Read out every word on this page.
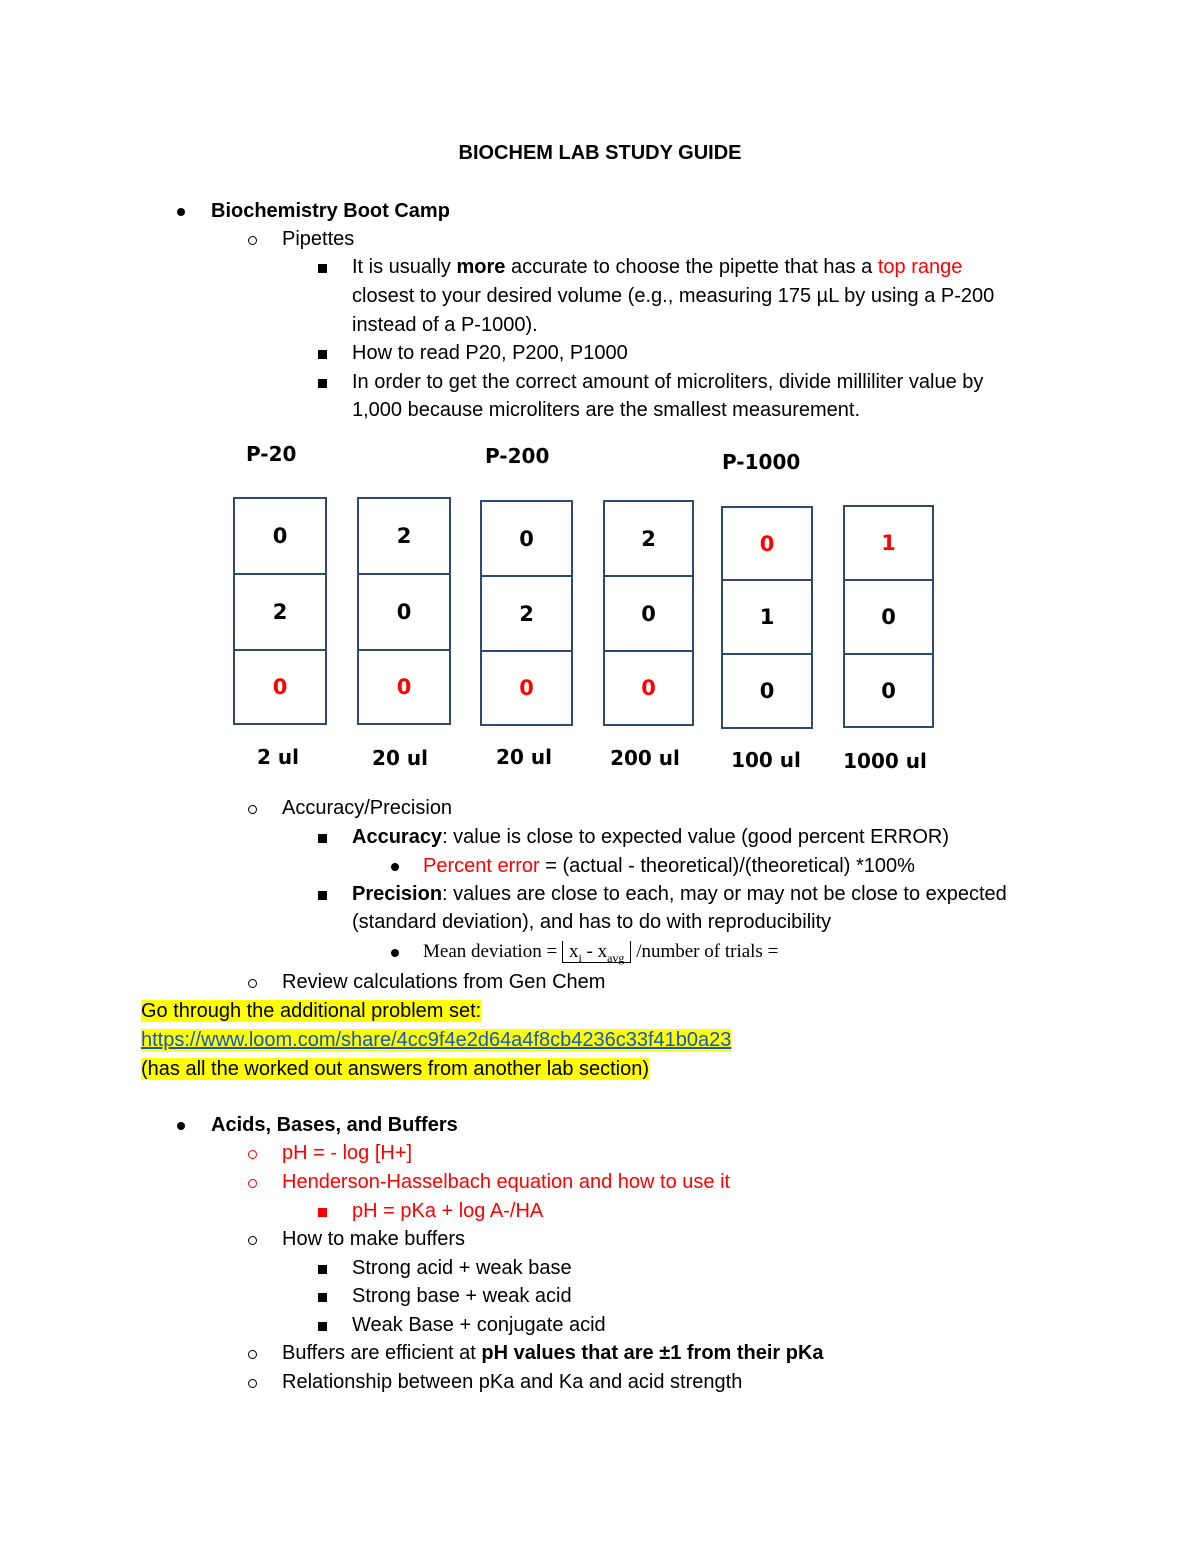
BIOCHEM LAB STUDY GUIDE
Biochemistry Boot Camp
Pipettes
It is usually more accurate to choose the pipette that has a top range
closest to your desired volume (e.g., measuring 175 µL by using a P-200
instead of a P-1000).
How to read P20, P200, P1000
In order to get the correct amount of microliters, divide milliliter value by
1,000 because microliters are the smallest measurement.
P-20	P-200	P-1000
0
2
0
2 ul
2
0
0
20 ul
0
2
0
20 ul
2
0
0
200 ul
0
1
0
100 ul
1
0
0
1000 ul
Accuracy/Precision
Accuracy: value is close to expected value (good percent ERROR)
Percent error = (actual - theoretical)/(theoretical) *100%
Precision: values are close to each, may or may not be close to expected
(standard deviation), and has to do with reproducibility
Mean deviation = $x_i - x_{avg}$ /number of trials =
Review calculations from Gen Chem
Go through the additional problem set:
https://www.loom.com/share/4cc9f4e2d64a4f8cb4236c33f41b0a23
(has all the worked out answers from another lab section)
Acids, Bases, and Buffers
pH = - log [H+]
Henderson-Hasselbach equation and how to use it
pH = pKa + log A-/HA
How to make buffers
Strong acid + weak base
Strong base + weak acid
Weak Base + conjugate acid
Buffers are efficient at pH values that are ±1 from their pKa
Relationship between pKa and Ka and acid strength
